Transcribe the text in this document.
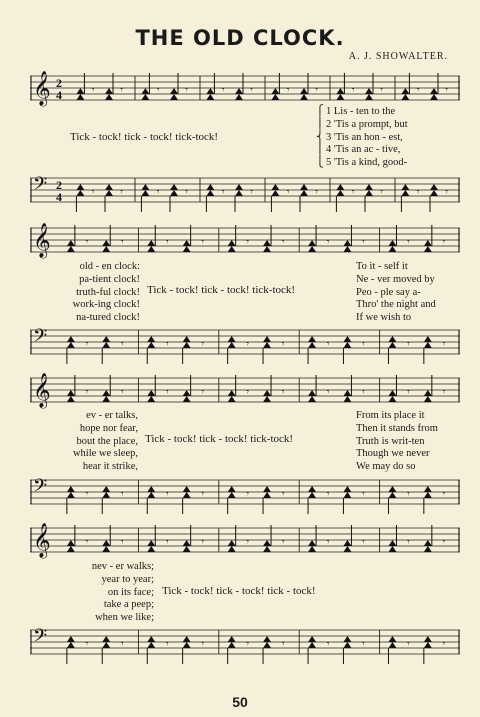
THE OLD CLOCK.
A. J. SHOWALTER.
𝄞 2
4	𝄾	𝄾	𝄾	𝄾	𝄾	𝄾	𝄾	𝄾	𝄾	𝄾	𝄾	𝄾
Tick - tock! tick - tock! tick-tock!
⎧ 1 Lis - ten to the
⎪ 2 'Tis a prompt, but
⎨ 3 'Tis an hon - est,
⎪ 4 'Tis an ac - tive,
⎩ 5 'Tis a kind, good-
𝄢 2
4	𝄾	𝄾	𝄾	𝄾	𝄾	𝄾	𝄾	𝄾	𝄾	𝄾	𝄾	𝄾
𝄞	𝄾	𝄾	𝄾	𝄾	𝄾	𝄾	𝄾	𝄾	𝄾	𝄾
old - en clock:
pa-tient clock!
truth-ful clock!
work-ing clock!
na-tured clock!
Tick - tock! tick - tock! tick-tock!
To it - self it
Ne - ver moved by
Peo - ple say a-
Thro' the night and
If we wish to
𝄢	𝄾	𝄾	𝄾	𝄾	𝄾	𝄾	𝄾	𝄾	𝄾	𝄾
𝄞	𝄾	𝄾	𝄾	𝄾	𝄾	𝄾	𝄾	𝄾	𝄾	𝄾
ev - er talks,
hope nor fear,
bout the place,
while we sleep,
hear it strike,
Tick - tock! tick - tock! tick-tock!
From its place it
Then it stands from
Truth is writ-ten
Though we never
We may do so
𝄢	𝄾	𝄾	𝄾	𝄾	𝄾	𝄾	𝄾	𝄾	𝄾	𝄾
𝄞	𝄾	𝄾	𝄾	𝄾	𝄾	𝄾	𝄾	𝄾	𝄾	𝄾
nev - er walks;
year to year;
on its face;
take a peep;
when we like;
Tick - tock! tick - tock! tick - tock!
𝄢	𝄾	𝄾	𝄾	𝄾	𝄾	𝄾	𝄾	𝄾	𝄾	𝄾
50
